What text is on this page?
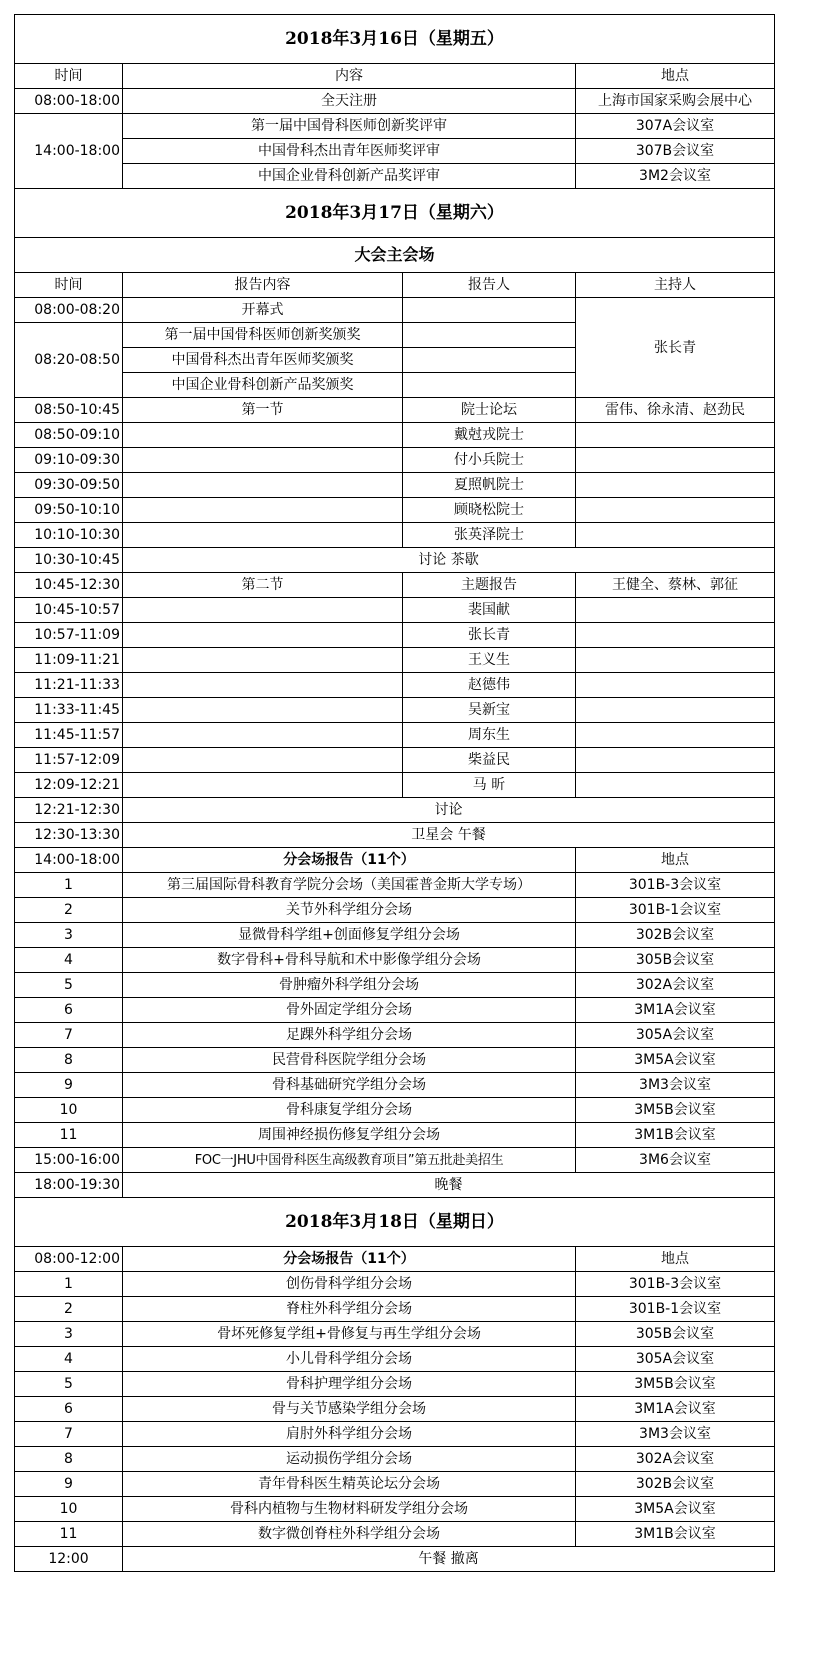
2018年3月16日（星期五）			
时间	内容		地点
08:00-18:00	全天注册		上海市国家采购会展中心
14:00-18:00	第一届中国骨科医师创新奖评审		307A会议室
	中国骨科杰出青年医师奖评审		307B会议室
	中国企业骨科创新产品奖评审		3M2会议室
2018年3月17日（星期六）			
大会主会场			
时间	报告内容	报告人	主持人
08:00-08:20	开幕式		张长青
08:20-08:50	第一届中国骨科医师创新奖颁奖		
	中国骨科杰出青年医师奖颁奖		
	中国企业骨科创新产品奖颁奖		
08:50-10:45	第一节	院士论坛	雷伟、徐永清、赵劲民
08:50-09:10		戴尅戎院士	
09:10-09:30		付小兵院士	
09:30-09:50		夏照帆院士	
09:50-10:10		顾晓松院士	
10:10-10:30		张英泽院士	
10:30-10:45	讨论 茶歇		
10:45-12:30	第二节	主题报告	王健全、蔡林、郭征
10:45-10:57		裴国献	
10:57-11:09		张长青	
11:09-11:21		王义生	
11:21-11:33		赵德伟	
11:33-11:45		吴新宝	
11:45-11:57		周东生	
11:57-12:09		柴益民	
12:09-12:21		马 昕	
12:21-12:30	讨论		
12:30-13:30	卫星会 午餐		
14:00-18:00	分会场报告（11个）		地点
1	第三届国际骨科教育学院分会场（美国霍普金斯大学专场）		301B-3会议室
2	关节外科学组分会场		301B-1会议室
3	显微骨科学组+创面修复学组分会场		302B会议室
4	数字骨科+骨科导航和术中影像学组分会场		305B会议室
5	骨肿瘤外科学组分会场		302A会议室
6	骨外固定学组分会场		3M1A会议室
7	足踝外科学组分会场		305A会议室
8	民营骨科医院学组分会场		3M5A会议室
9	骨科基础研究学组分会场		3M3会议室
10	骨科康复学组分会场		3M5B会议室
11	周围神经损伤修复学组分会场		3M1B会议室
15:00-16:00	FOC一JHU中国骨科医生高级教育项目”第五批赴美招生		3M6会议室
18:00-19:30	晚餐		
2018年3月18日（星期日）			
08:00-12:00	分会场报告（11个）		地点
1	创伤骨科学组分会场		301B-3会议室
2	脊柱外科学组分会场		301B-1会议室
3	骨坏死修复学组+骨修复与再生学组分会场		305B会议室
4	小儿骨科学组分会场		305A会议室
5	骨科护理学组分会场		3M5B会议室
6	骨与关节感染学组分会场		3M1A会议室
7	肩肘外科学组分会场		3M3会议室
8	运动损伤学组分会场		302A会议室
9	青年骨科医生精英论坛分会场		302B会议室
10	骨科内植物与生物材料研发学组分会场		3M5A会议室
11	数字微创脊柱外科学组分会场		3M1B会议室
12:00	午餐 撤离		
